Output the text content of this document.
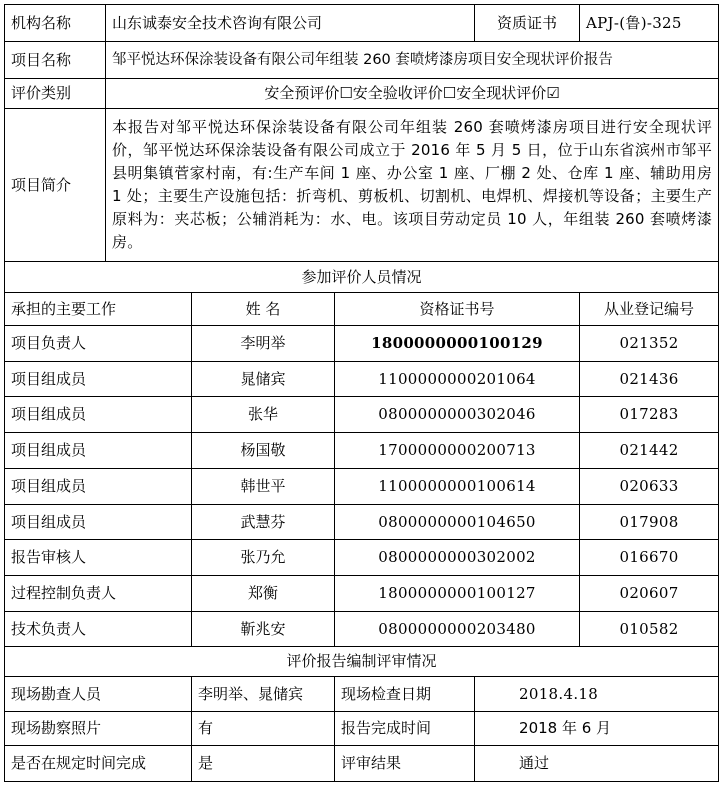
机构名称	山东诚泰安全技术咨询有限公司			资质证书	APJ-(鲁)-325
项目名称	邹平悦达环保涂装设备有限公司年组装 260 套喷烤漆房项目安全现状评价报告				
评价类别	安全预评价☐安全验收评价☐安全现状评价☑				
项目简介	本报告对邹平悦达环保涂装设备有限公司年组装 260 套喷烤漆房项目进行安全现状评价，邹平悦达环保涂装设备有限公司成立于 2016 年 5 月 5 日，位于山东省滨州市邹平县明集镇菅家村南，有:生产车间 1 座、办公室 1 座、厂棚 2 处、仓库 1 座、辅助用房 1 处；主要生产设施包括：折弯机、剪板机、切割机、电焊机、焊接机等设备；主要生产原料为：夹芯板；公辅消耗为：水、电。该项目劳动定员 10 人，年组装 260 套喷烤漆房。				
参加评价人员情况					
承担的主要工作		姓 名	资格证书号		从业登记编号
项目负责人		李明举	1800000000100129		021352
项目组成员		晁储宾	1100000000201064		021436
项目组成员		张华	0800000000302046		017283
项目组成员		杨国敬	1700000000200713		021442
项目组成员		韩世平	1100000000100614		020633
项目组成员		武慧芬	0800000000104650		017908
报告审核人		张乃允	0800000000302002		016670
过程控制负责人		郑衡	1800000000100127		020607
技术负责人		靳兆安	0800000000203480		010582
评价报告编制评审情况					
现场勘查人员		李明举、晁储宾	现场检查日期	2018.4.18	
现场勘察照片		有	报告完成时间	2018 年 6 月	
是否在规定时间完成		是	评审结果	通过	
